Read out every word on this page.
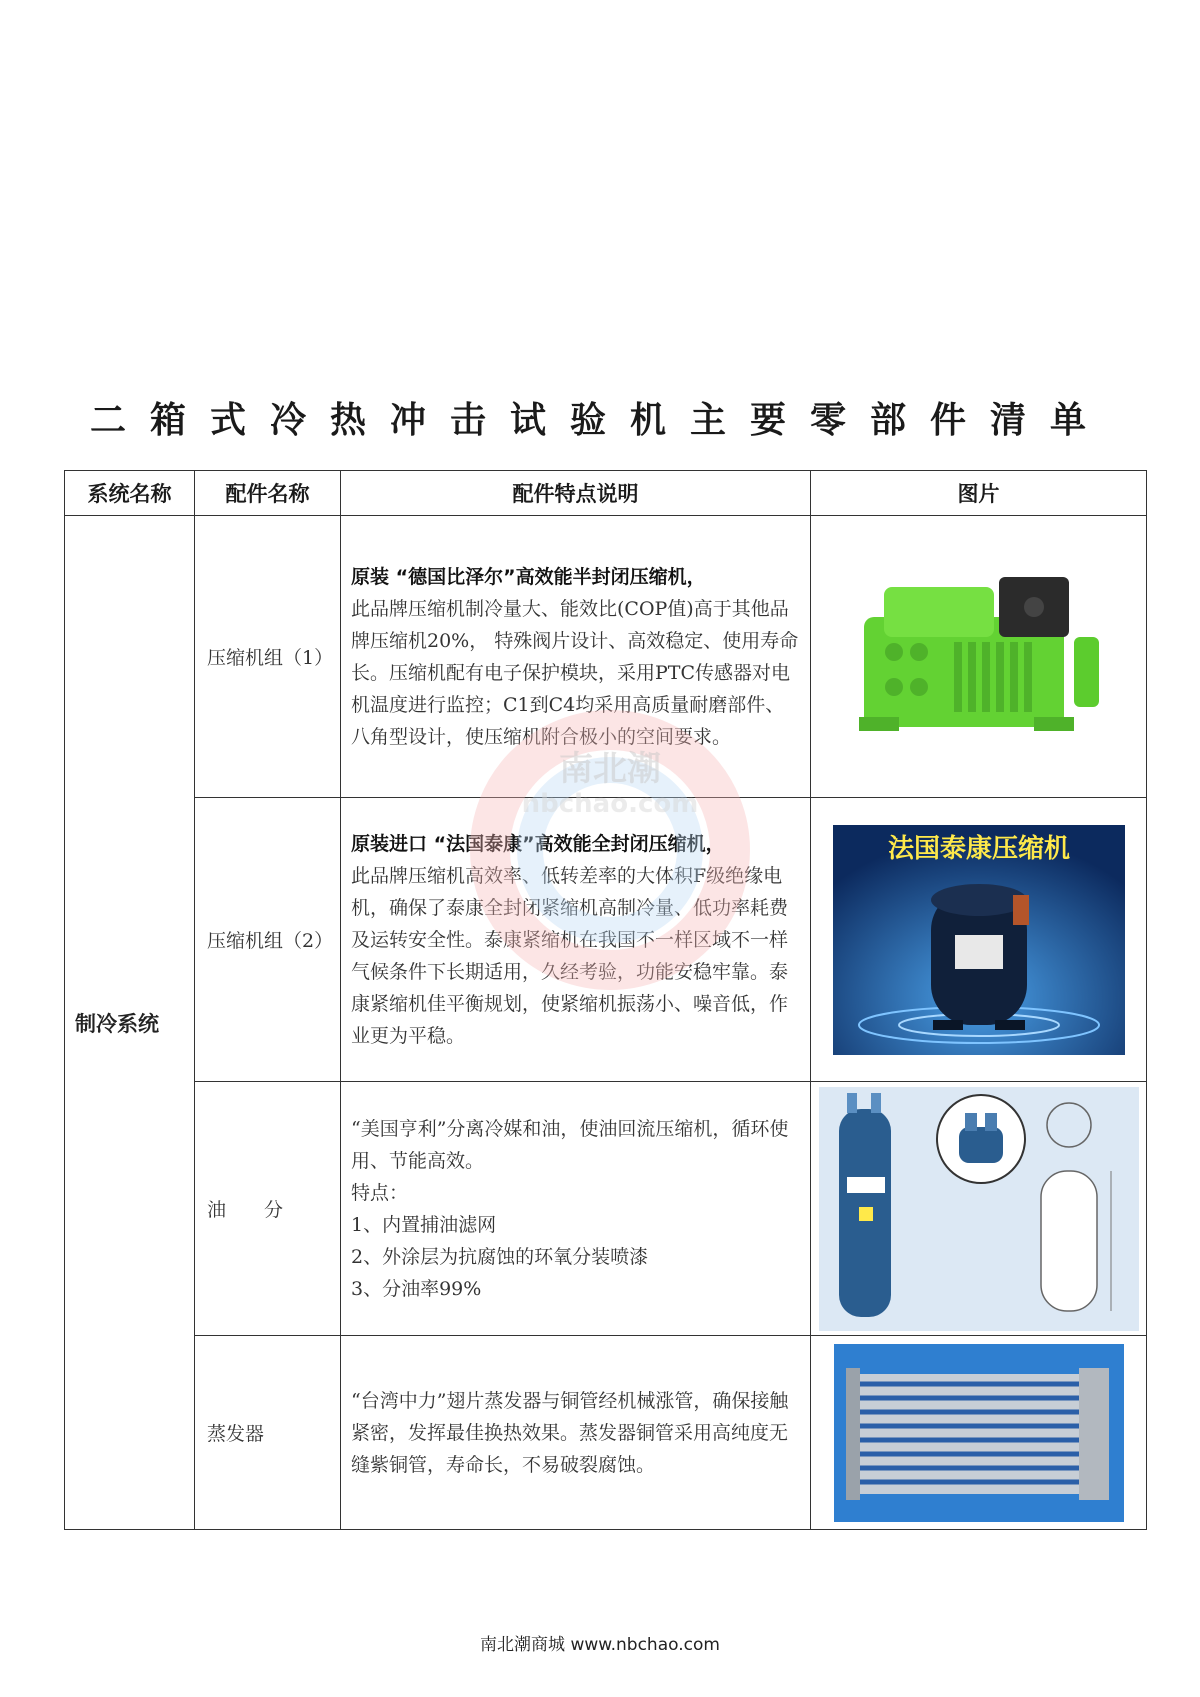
二箱式冷热冲击试验机主要零部件清单
系统名称	配件名称	配件特点说明	图片
制冷系统	压缩机组（1）	原装 “德国比泽尔”高效能半封闭压缩机，
此品牌压缩机制冷量大、能效比(COP值)高于其他品牌压缩机20%， 特殊阀片设计、高效稳定、使用寿命长。压缩机配有电子保护模块，采用PTC传感器对电机温度进行监控；C1到C4均采用高质量耐磨部件、八角型设计，使压缩机附合极小的空间要求。

	压缩机组（2）	原装进口 “法国泰康”高效能全封闭压缩机，
此品牌压缩机高效率、低转差率的大体积F级绝缘电机，确保了泰康全封闭紧缩机高制冷量、低功率耗费及运转安全性。泰康紧缩机在我国不一样区域不一样气候条件下长期适用，久经考验，功能安稳牢靠。泰康紧缩机佳平衡规划，使紧缩机振荡小、噪音低，作业更为平稳。	法国泰康压缩机

	油　　分	“美国亨利”分离冷媒和油，使油回流压缩机，循环使用、节能高效。
特点：
1、内置捕油滤网
2、外涂层为抗腐蚀的环氧分装喷漆
3、分油率99%

	蒸发器	“台湾中力”翅片蒸发器与铜管经机械涨管，确保接触紧密，发挥最佳换热效果。蒸发器铜管采用高纯度无缝紫铜管，寿命长，不易破裂腐蚀。

南北潮
nbchao.com
南北潮商城 www.nbchao.com
